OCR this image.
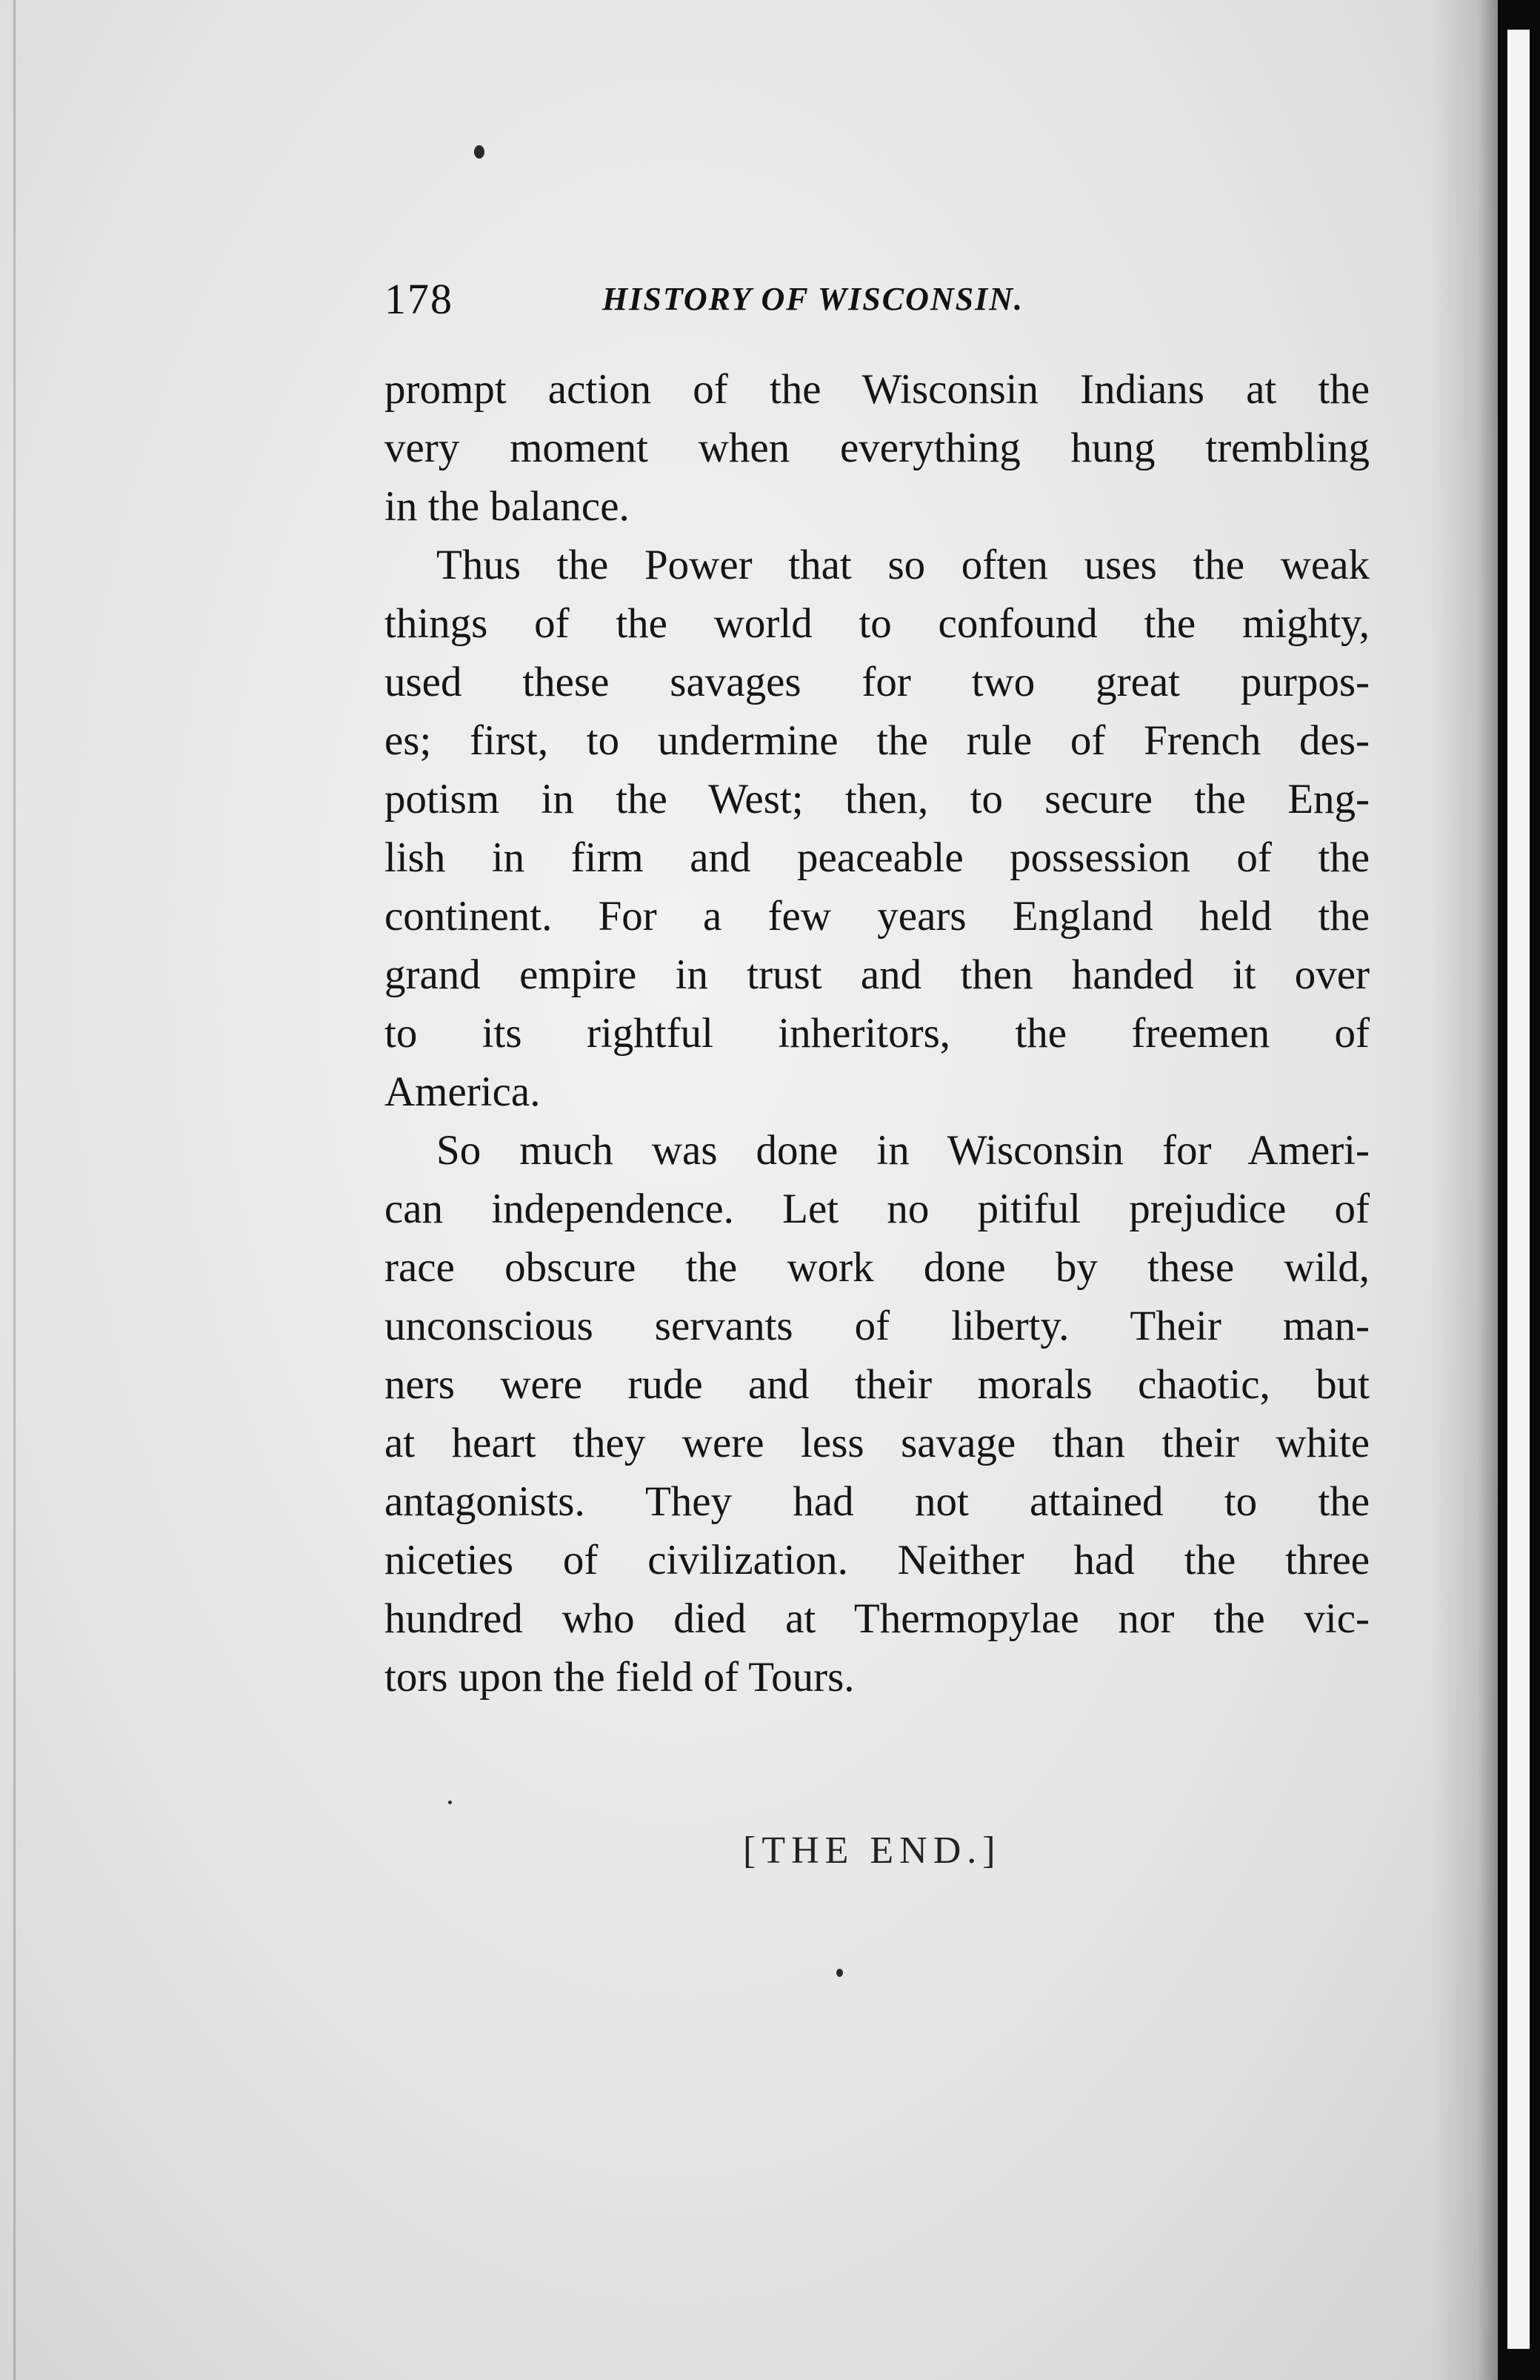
178	HISTORY OF WISCONSIN.

prompt action of the Wisconsin Indians at the
very moment when everything hung trembling
in the balance.

Thus the Power that so often uses the weak
things of the world to confound the mighty,
used these savages for two great purpos-
es; first, to undermine the rule of French des-
potism in the West; then, to secure the Eng-
lish in firm and peaceable possession of the
continent. For a few years England held the
grand empire in trust and then handed it over
to its rightful inheritors, the freemen of
America.

So much was done in Wisconsin for Ameri-
can independence. Let no pitiful prejudice of
race obscure the work done by these wild,
unconscious servants of liberty. Their man-
ners were rude and their morals chaotic, but
at heart they were less savage than their white
antagonists. They had not attained to the
niceties of civilization. Neither had the three
hundred who died at Thermopylae nor the vic-
tors upon the field of Tours.

[THE END.]
